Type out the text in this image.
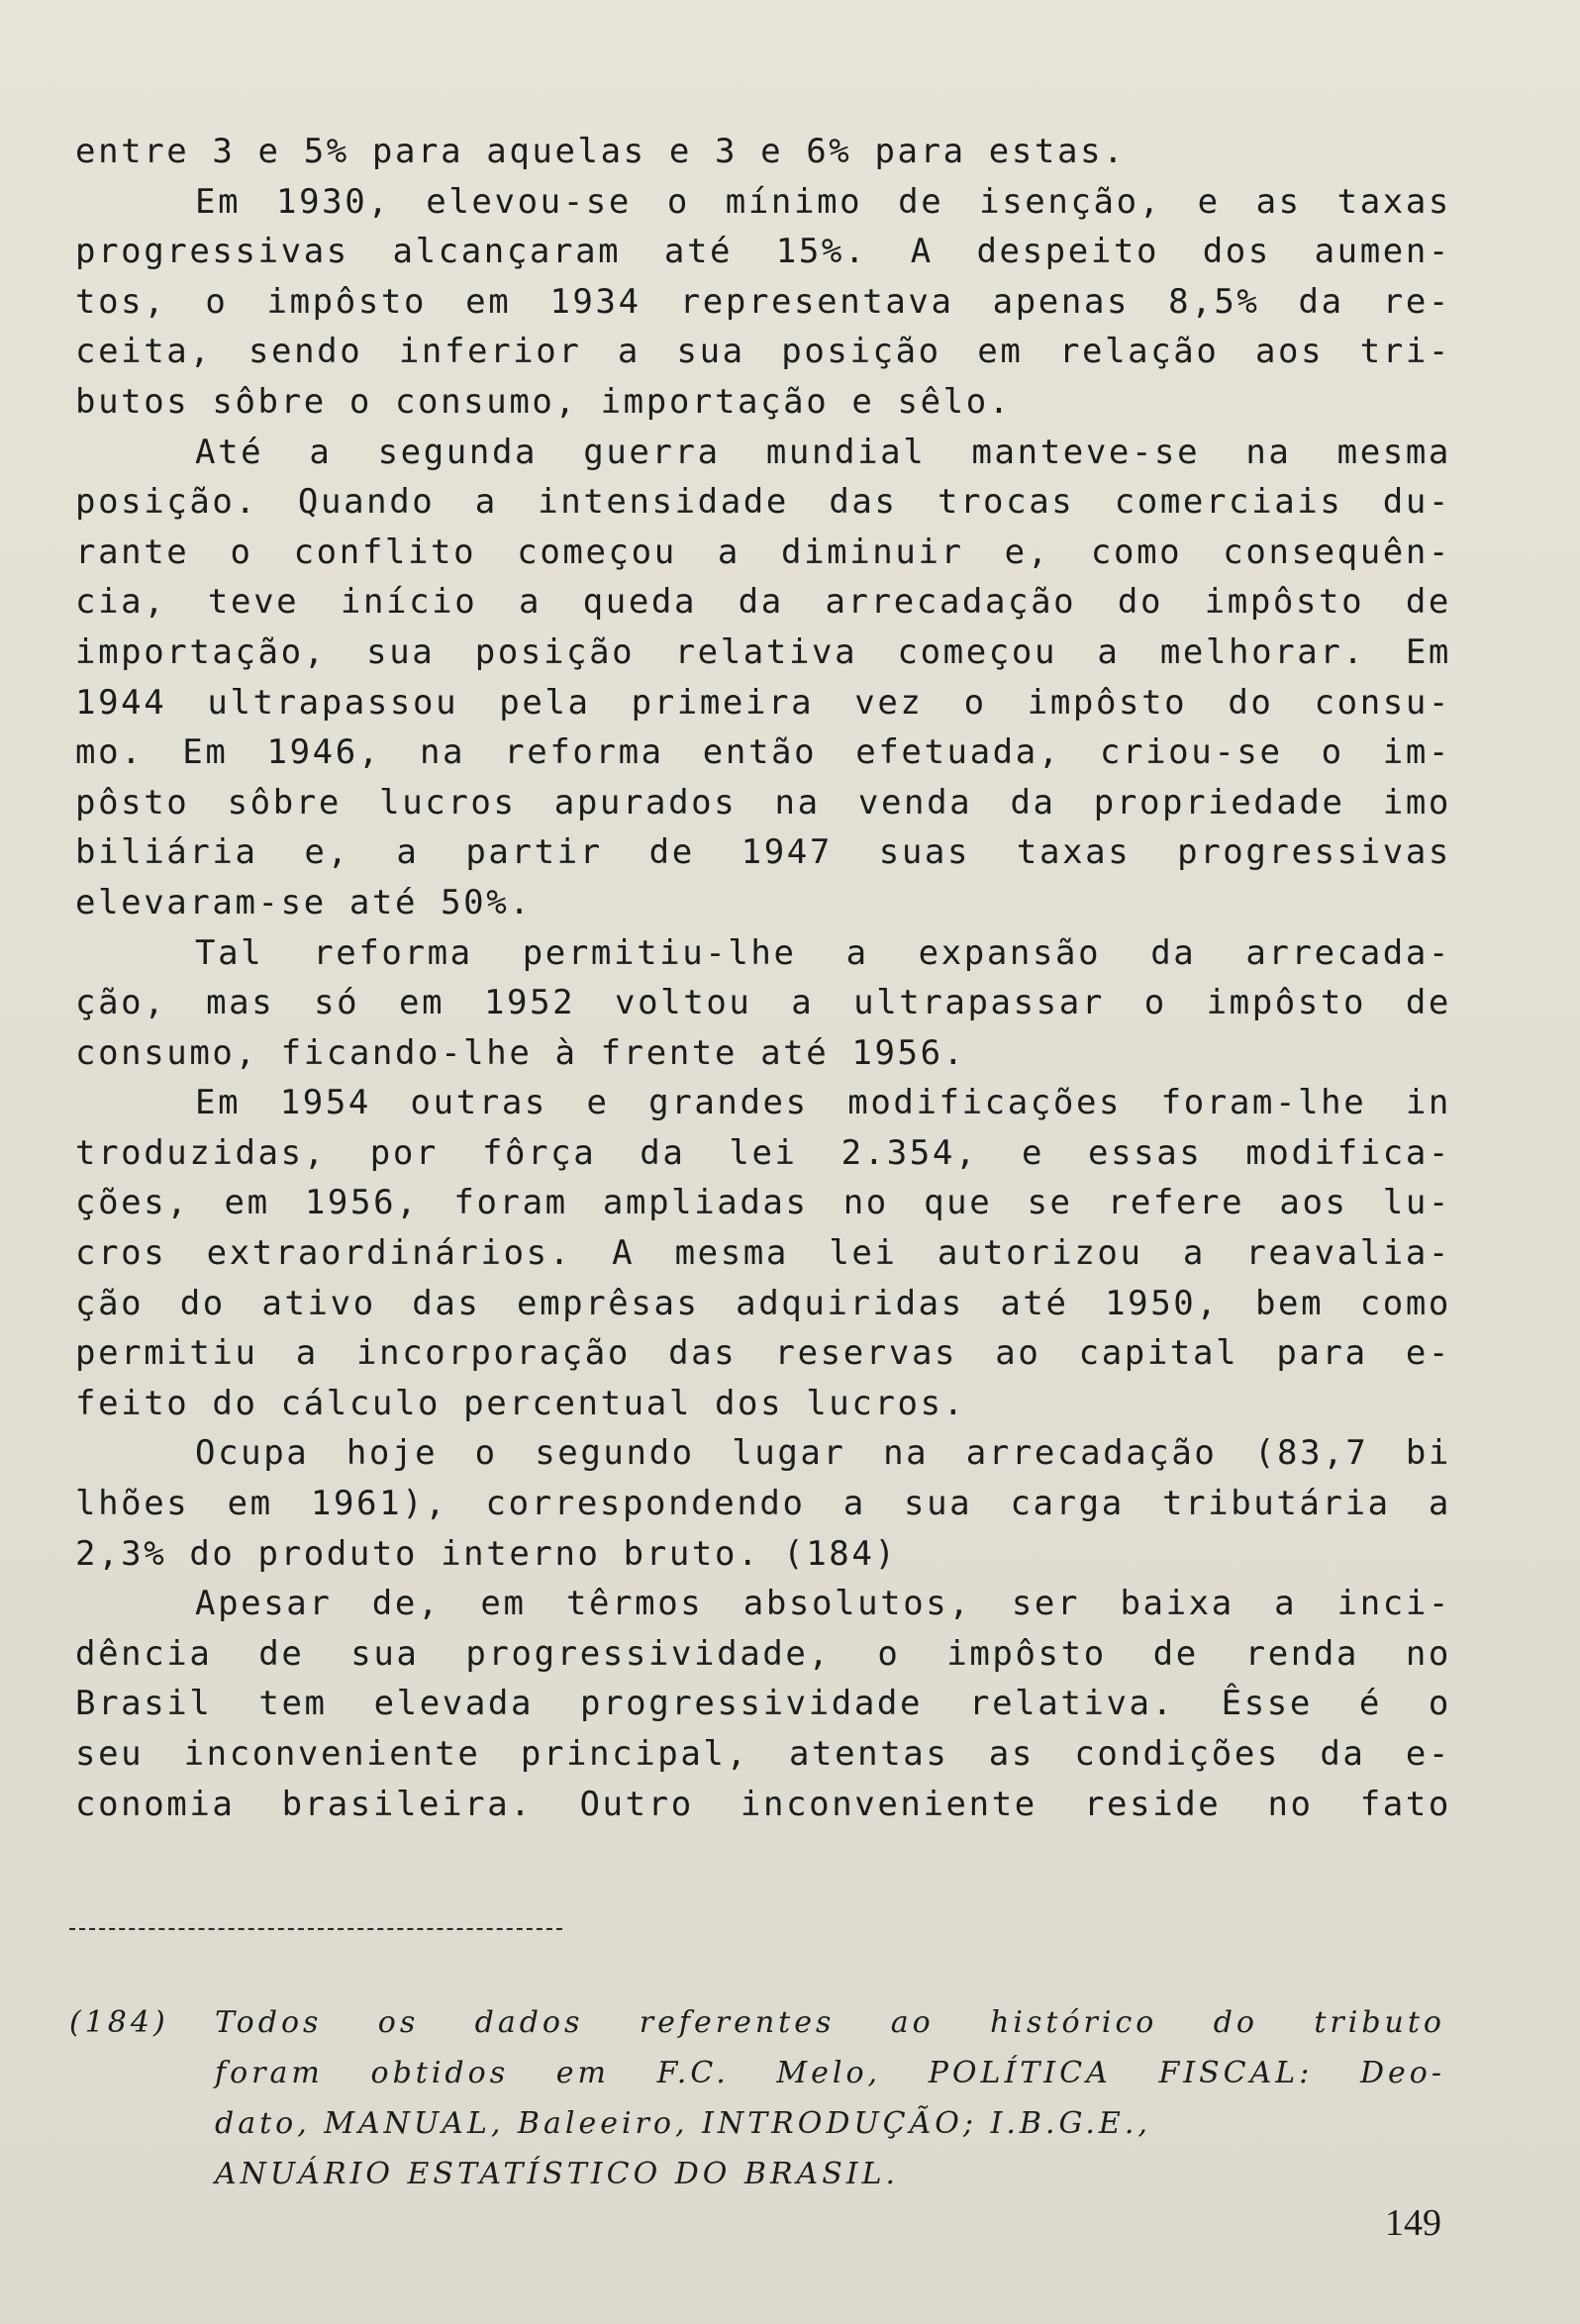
entre 3 e 5% para aquelas e 3 e 6% para estas.
Em 1930, elevou-se o mínimo de isenção, e as taxas
progressivas alcançaram até 15%. A despeito dos aumen-
tos, o impôsto em 1934 representava apenas 8,5% da re-
ceita, sendo inferior a sua posição em relação aos tri-
butos sôbre o consumo, importação e sêlo.
Até a segunda guerra mundial manteve-se na mesma
posição. Quando a intensidade das trocas comerciais du-
rante o conflito começou a diminuir e, como consequên-
cia, teve início a queda da arrecadação do impôsto de
importação, sua posição relativa começou a melhorar. Em
1944 ultrapassou pela primeira vez o impôsto do consu-
mo. Em 1946, na reforma então efetuada, criou-se o im-
pôsto sôbre lucros apurados na venda da propriedade imo
biliária e, a partir de 1947 suas taxas progressivas
elevaram-se até 50%.
Tal reforma permitiu-lhe a expansão da arrecada-
ção, mas só em 1952 voltou a ultrapassar o impôsto de
consumo, ficando-lhe à frente até 1956.
Em 1954 outras e grandes modificações foram-lhe in
troduzidas, por fôrça da lei 2.354, e essas modifica-
ções, em 1956, foram ampliadas no que se refere aos lu-
cros extraordinários. A mesma lei autorizou a reavalia-
ção do ativo das emprêsas adquiridas até 1950, bem como
permitiu a incorporação das reservas ao capital para e-
feito do cálculo percentual dos lucros.
Ocupa hoje o segundo lugar na arrecadação (83,7 bi
lhões em 1961), correspondendo a sua carga tributária a
2,3% do produto interno bruto. (184)
Apesar de, em têrmos absolutos, ser baixa a inci-
dência de sua progressividade, o impôsto de renda no
Brasil tem elevada progressividade relativa. Êsse é o
seu inconveniente principal, atentas as condições da e-
conomia brasileira. Outro inconveniente reside no fato
(184) Todos os dados referentes ao histórico do tributo
foram obtidos em F.C. Melo, POLÍTICA FISCAL: Deo-
dato, MANUAL, Baleeiro, INTRODUÇÃO; I.B.G.E.,
ANUÁRIO ESTATÍSTICO DO BRASIL.
149
